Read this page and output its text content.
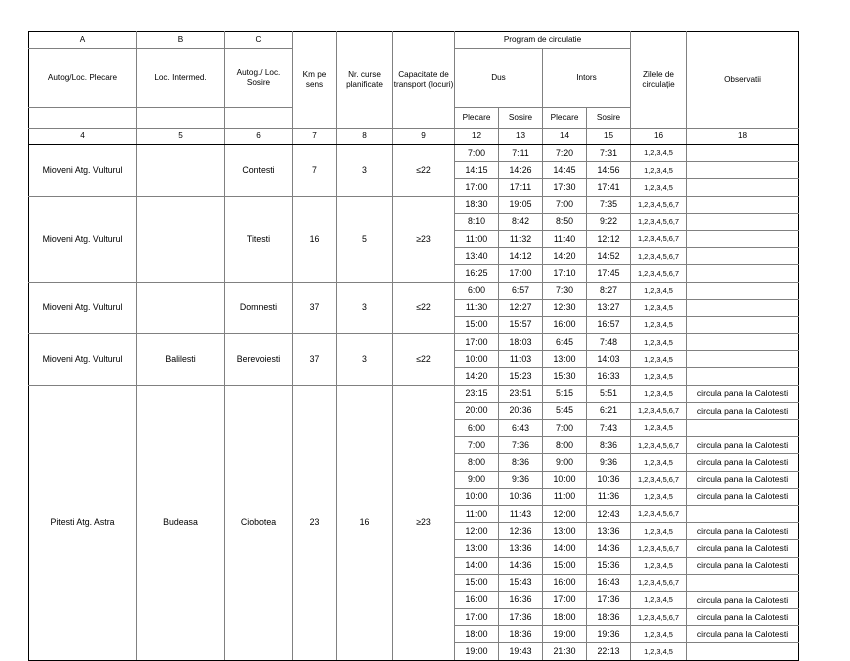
A	B	C	Km pe sens	Nr. curse planificate	Capacitate de transport (locuri)	Program de circulatie				Zilele de circulație	Observatii
Autog/Loc. Plecare	Loc. Intermed.	Autog./ Loc. Sosire				Dus		Intors			
						Plecare	Sosire	Plecare	Sosire		
4	5	6	7	8	9	12	13	14	15	16	18
Mioveni Atg. Vulturul		Contesti	7	3	≤22	7:00	7:11	7:20	7:31	1,2,3,4,5	
						14:15	14:26	14:45	14:56	1,2,3,4,5	
						17:00	17:11	17:30	17:41	1,2,3,4,5	
Mioveni Atg. Vulturul		Titesti	16	5	≥23	18:30	19:05	7:00	7:35	1,2,3,4,5,6,7	
						8:10	8:42	8:50	9:22	1,2,3,4,5,6,7	
						11:00	11:32	11:40	12:12	1,2,3,4,5,6,7	
						13:40	14:12	14:20	14:52	1,2,3,4,5,6,7	
						16:25	17:00	17:10	17:45	1,2,3,4,5,6,7	
Mioveni Atg. Vulturul		Domnesti	37	3	≤22	6:00	6:57	7:30	8:27	1,2,3,4,5	
						11:30	12:27	12:30	13:27	1,2,3,4,5	
						15:00	15:57	16:00	16:57	1,2,3,4,5	
Mioveni Atg. Vulturul	Balilesti	Berevoiesti	37	3	≤22	17:00	18:03	6:45	7:48	1,2,3,4,5	
						10:00	11:03	13:00	14:03	1,2,3,4,5	
						14:20	15:23	15:30	16:33	1,2,3,4,5	
Pitesti Atg. Astra	Budeasa	Ciobotea	23	16	≥23	23:15	23:51	5:15	5:51	1,2,3,4,5	circula pana la Calotesti
						20:00	20:36	5:45	6:21	1,2,3,4,5,6,7	circula pana la Calotesti
						6:00	6:43	7:00	7:43	1,2,3,4,5	
						7:00	7:36	8:00	8:36	1,2,3,4,5,6,7	circula pana la Calotesti
						8:00	8:36	9:00	9:36	1,2,3,4,5	circula pana la Calotesti
						9:00	9:36	10:00	10:36	1,2,3,4,5,6,7	circula pana la Calotesti
						10:00	10:36	11:00	11:36	1,2,3,4,5	circula pana la Calotesti
						11:00	11:43	12:00	12:43	1,2,3,4,5,6,7	
						12:00	12:36	13:00	13:36	1,2,3,4,5	circula pana la Calotesti
						13:00	13:36	14:00	14:36	1,2,3,4,5,6,7	circula pana la Calotesti
						14:00	14:36	15:00	15:36	1,2,3,4,5	circula pana la Calotesti
						15:00	15:43	16:00	16:43	1,2,3,4,5,6,7	
						16:00	16:36	17:00	17:36	1,2,3,4,5	circula pana la Calotesti
						17:00	17:36	18:00	18:36	1,2,3,4,5,6,7	circula pana la Calotesti
						18:00	18:36	19:00	19:36	1,2,3,4,5	circula pana la Calotesti
						19:00	19:43	21:30	22:13	1,2,3,4,5	
